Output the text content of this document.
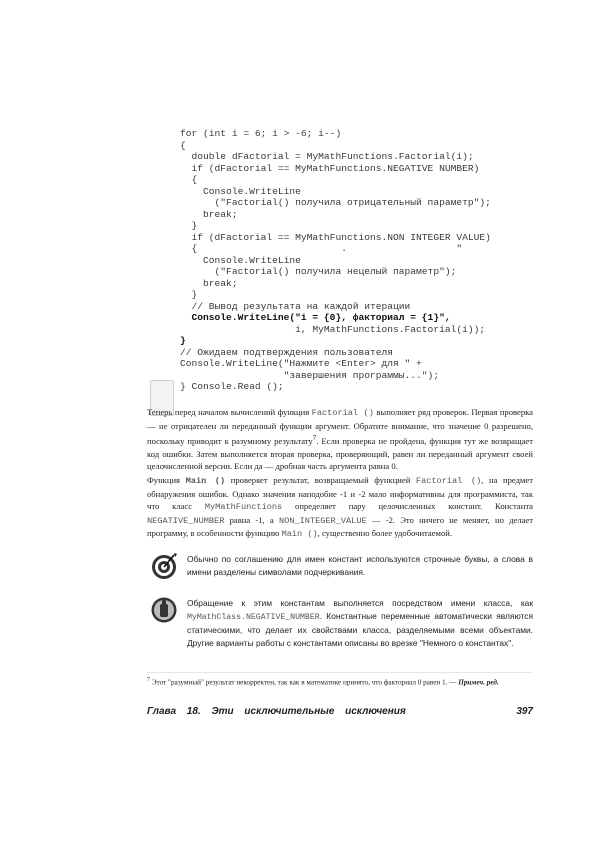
for (int i = 6; i > -6; i--)
{
double dFactorial = MyMathFunctions.Factorial(i);
if (dFactorial == MyMathFunctions.NEGATIVE NUMBER)
{
Console.WriteLine
("Factorial() получила отрицательный параметр");
break;
}
if (dFactorial == MyMathFunctions.NON INTEGER VALUE)
{                         .                   "
Console.WriteLine
("Factorial() получила нецелый параметр");
break;
}
// Вывод результата на каждой итерации
Console.WriteLine("i = {0}, факториал = {1}",
i, MyMathFunctions.Factorial(i));
}
// Ожидаем подтверждения пользователя
Console.WriteLine("Нажмите <Enter> для " +
"завершения программы...");
} Console.Read ();

Теперь перед началом вычислений функция Factorial () выполняет ряд проверок. Первая проверка — не отрицателен ли переданный функции аргумент. Обратите внимание, что значение 0 разрешено, поскольку приводит к разумному результату$^7$. Если проверка не пройдена, функция тут же возвращает код ошибки. Затем выполняется вторая проверка, проверяющий, равен ли переданный аргумент своей целочисленной версии. Если да — дробная часть аргумента равна 0.

Функция Main () проверяет результат, возвращаемый функцией Factorial (), на предмет обнаружения ошибок. Однако значения наподобие -1 и -2 мало информативны для программиста, так что класс MyMathFunctions определяет пару целочисленных констант. Константа NEGATIVE_NUMBER равна -1, а NON_INTEGER_VALUE — -2. Это ничего не меняет, но делает программу, в особенности функцию Main (), существенно более удобочитаемой.

Обычно по соглашению для имен констант используются строчные буквы, а слова в имени разделены символами подчеркивания.

Обращение к этим константам выполняется посредством имени класса, как MyMathClass.NEGATIVE_NUMBER. Константные переменные автоматически являются статическими, что делает их свойствами класса, разделяемыми всеми объектами. Другие варианты работы с константами описаны во врезке "Немного о константах".

$^7$ Этот "разумный" результат некорректен, так как в математике принято, что факториал 0 равен 1. — Примеч. ред.

Глава 18. Эти исключительные исключения	397
